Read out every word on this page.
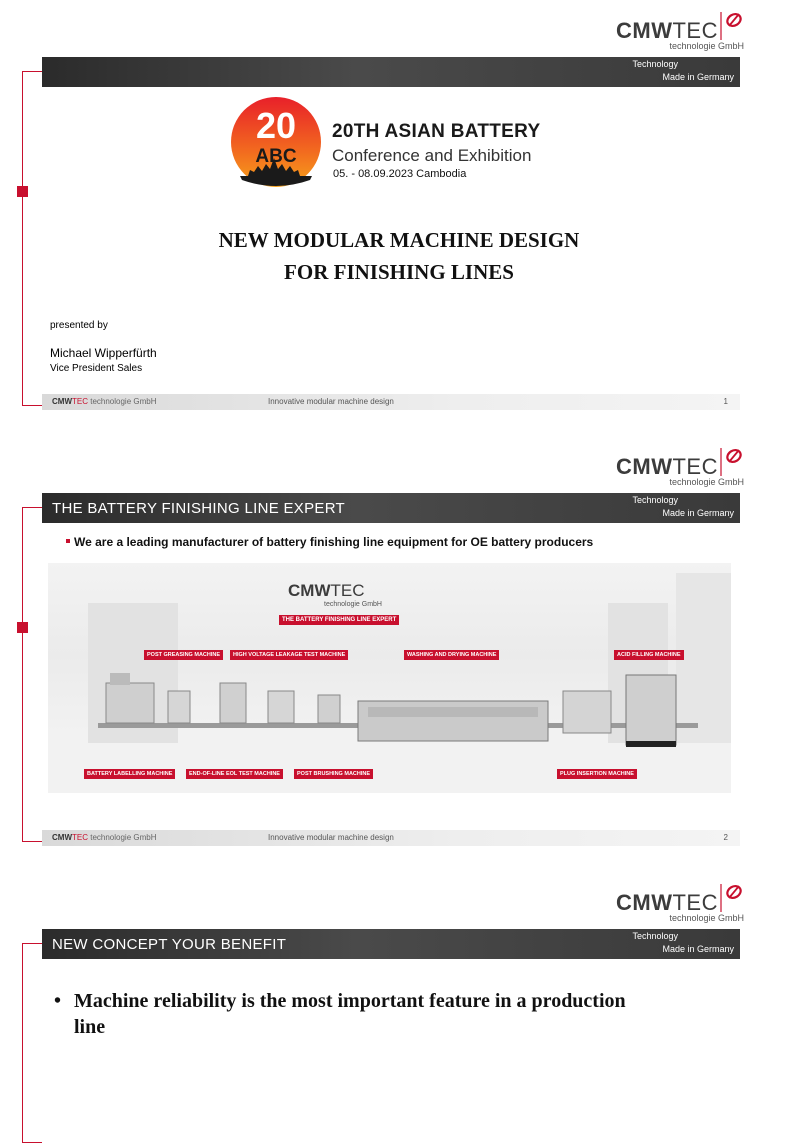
CMWTEC
technologie GmbH
Technology
Made in Germany
20
ABC
20TH ASIAN BATTERY
Conference and Exhibition
05. - 08.09.2023 Cambodia
NEW MODULAR MACHINE DESIGN
FOR FINISHING LINES
presented by
Michael Wipperfürth
Vice President Sales
CMWTEC technologie GmbH	Innovative modular machine design	1
CMWTEC
technologie GmbH
THE BATTERY FINISHING LINE EXPERT	Technology
Made in Germany
We are a leading manufacturer of battery finishing line equipment for OE battery producers
CMWTEC
technologie GmbH
THE BATTERY FINISHING LINE EXPERT
POST GREASING MACHINE	HIGH VOLTAGE LEAKAGE TEST MACHINE	WASHING AND DRYING MACHINE	ACID FILLING MACHINE
BATTERY LABELLING MACHINE	END-OF-LINE EOL TEST MACHINE	POST BRUSHING MACHINE	PLUG INSERTION MACHINE
CMWTEC technologie GmbH	Innovative modular machine design	2
CMWTEC
technologie GmbH
NEW CONCEPT YOUR BENEFIT	Technology
Made in Germany
• Machine reliability is the most important feature in a production
line
